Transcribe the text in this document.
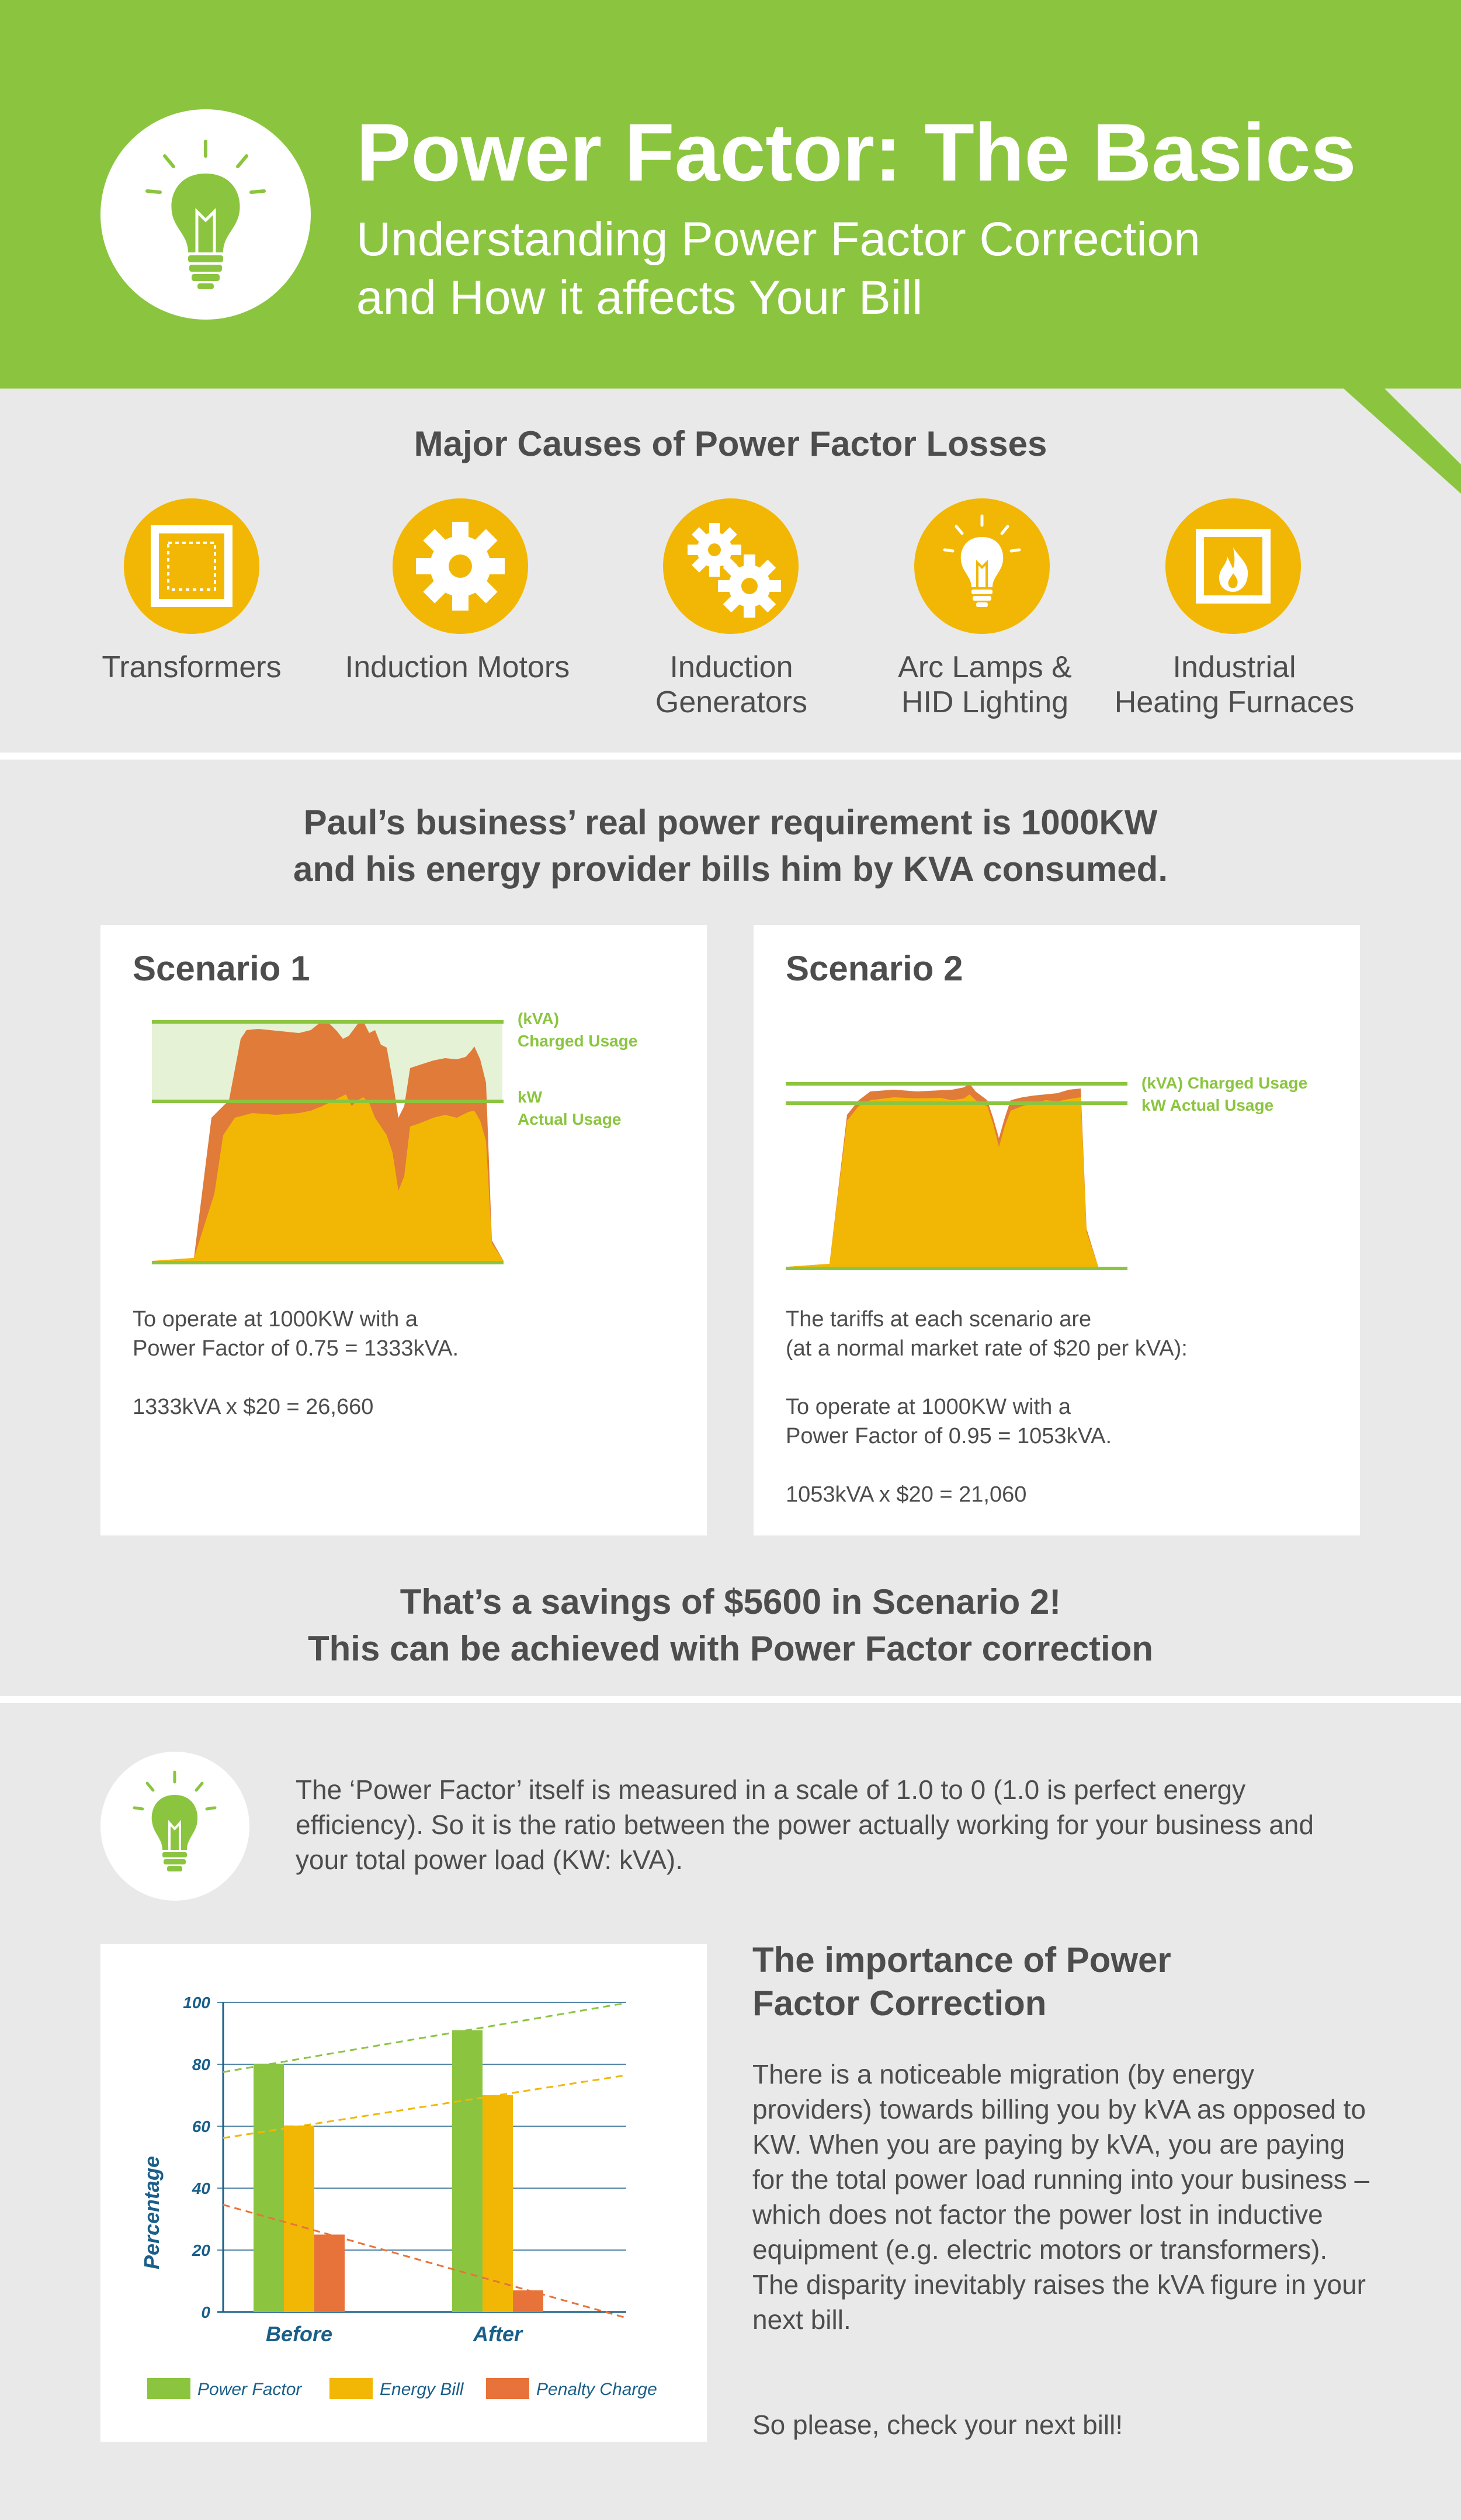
Power Factor: The Basics
Understanding Power Factor Correction
and How it affects Your Bill
Major Causes of Power Factor Losses
Transformers	Induction Motors	Induction
Generators
Arc Lamps &
HID Lighting
Industrial
Heating Furnaces
Paul’s business’ real power requirement is 1000KW
and his energy provider bills him by KVA consumed.
Scenario 1
(kVA)
Charged Usage
kW
Actual Usage
To operate at 1000KW with a
Power Factor of 0.75 = 1333kVA.

1333kVA x $20 = 26,660
Scenario 2
(kVA) Charged Usage
kW Actual Usage
The tariffs at each scenario are
(at a normal market rate of $20 per kVA):

To operate at 1000KW with a
Power Factor of 0.95 = 1053kVA.

1053kVA x $20 = 21,060
That’s a savings of $5600 in Scenario 2!
This can be achieved with Power Factor correction
The ‘Power Factor’ itself is measured in a scale of 1.0 to 0 (1.0 is perfect energy efficiency). So it is the ratio between the power actually working for your business and your total power load (KW: kVA).
0
20
40
60
80
100
Percentage
Before	After
Power Factor	Energy Bill	Penalty Charge
The importance of Power
Factor Correction
There is a noticeable migration (by energy providers) towards billing you by kVA as opposed to KW. When you are paying by kVA, you are paying for the total power load running into your business – which does not factor the power lost in inductive equipment (e.g. electric motors or transformers). The disparity inevitably raises the kVA figure in your next bill.
So please, check your next bill!
